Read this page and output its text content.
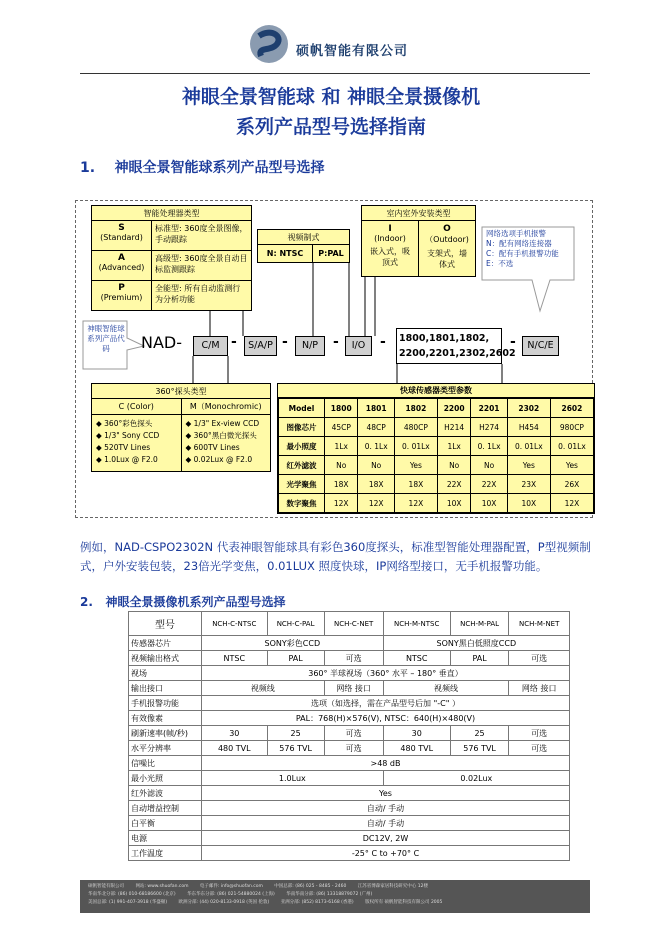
硕帆智能有限公司
神眼全景智能球 和 神眼全景摄像机
系列产品型号选择指南
1. 神眼全景智能球系列产品型号选择
智能处理器类型
S
(Standard)
标准型: 360度全景图像，手动跟踪
A
(Advanced)
高级型: 360度全景自动目标监测跟踪
P
(Premium)
全能型: 所有自动监测行为分析功能
视频制式
N: NTSC	P:PAL
室内室外安装类型
I
(Indoor)
嵌入式，吸顶式
O
（Outdoor)
支架式，墙体式
网络选项手机报警
N：配有网络连接器
C：配有手机报警功能
E：不选
神眼智能球系列产品代码	NAD-	C/M -	S/A/P -	N/P	-	I/O	- 1800,1801,1802,
2200,2201,2302,2602
-	N/C/E
360°探头类型
C (Color)	M（Monochromic)
◆ 360°彩色探头
◆ 1/3" Sony CCD
◆ 520TV Lines
◆ 1.0Lux @ F2.0
◆ 1/3" Ex-view CCD
◆ 360°黑白微光探头
◆ 600TV Lines
◆ 0.02Lux @ F2.0
快球传感器类型参数
Model	1800	1801	1802	2200	2201	2302	2602
图像芯片	45CP	48CP	480CP	H214	H274	H454	980CP
最小照度	1Lx	0. 1Lx	0. 01Lx	1Lx	0. 1Lx	0. 01Lx	0. 01Lx
红外滤波	No	No	Yes	No	No	Yes	Yes
光学聚焦	18X	18X	18X	22X	22X	23X	26X
数字聚焦	12X	12X	12X	10X	10X	10X	12X
例如，NAD-CSPO2302N 代表神眼智能球具有彩色360度探头，标准型智能处理器配置，P型视频制式，户外安装包装，23倍光学变焦，0.01LUX 照度快球，IP网络型接口，无手机报警功能。
2. 神眼全景摄像机系列产品型号选择
型号	NCH-C-NTSC	NCH-C-PAL	NCH-C-NET	NCH-M-NTSC	NCH-M-PAL	NCH-M-NET
传感器芯片	SONY彩色CCD			SONY黑白低照度CCD		
视频输出格式	NTSC	PAL	可选	NTSC	PAL	可选
视场	360° 半球视场（360° 水平 – 180° 垂直）					
输出接口	视频线		网络 接口	视频线		网络 接口
手机报警功能	选项（如选择，需在产品型号后加 "-C" ）					
有效像素	PAL：768(H)×576(V), NTSC：640(H)×480(V)					
刷新速率(帧/秒)	30	25	可选	30	25	可选
水平分辨率	480 TVL	576 TVL	可选	480 TVL	576 TVL	可选
信噪比	>48 dB					
最小光照	1.0Lux			0.02Lux		
红外滤波	Yes					
自动增益控制	自动/ 手动					
白平衡	自动/ 手动					
电源	DC12V, 2W					
工作温度	-25° C to +70° C					
硕帆智能有限公司	网站: www.shuofan.com	电子邮件: info@shuofan.com	中国总部: (86) 025 - 8485 - 2460	江苏省博森家居科技研究中心 12楼
华南华北分部: (86) 010-68186600 (北京)	华东华东分部: (86) 021-54880024 (上海)	华南华南分部: (86) 13318879072 (广州)
美国总部: (1) 991-407-3918 (华盛顿)	欧洲分部: (44) 020-8133-0918 (英国 伦敦)	亚洲分部: (852) 8173-6168 (香港)	版权所有 硕帆智能科技有限公司 2005
